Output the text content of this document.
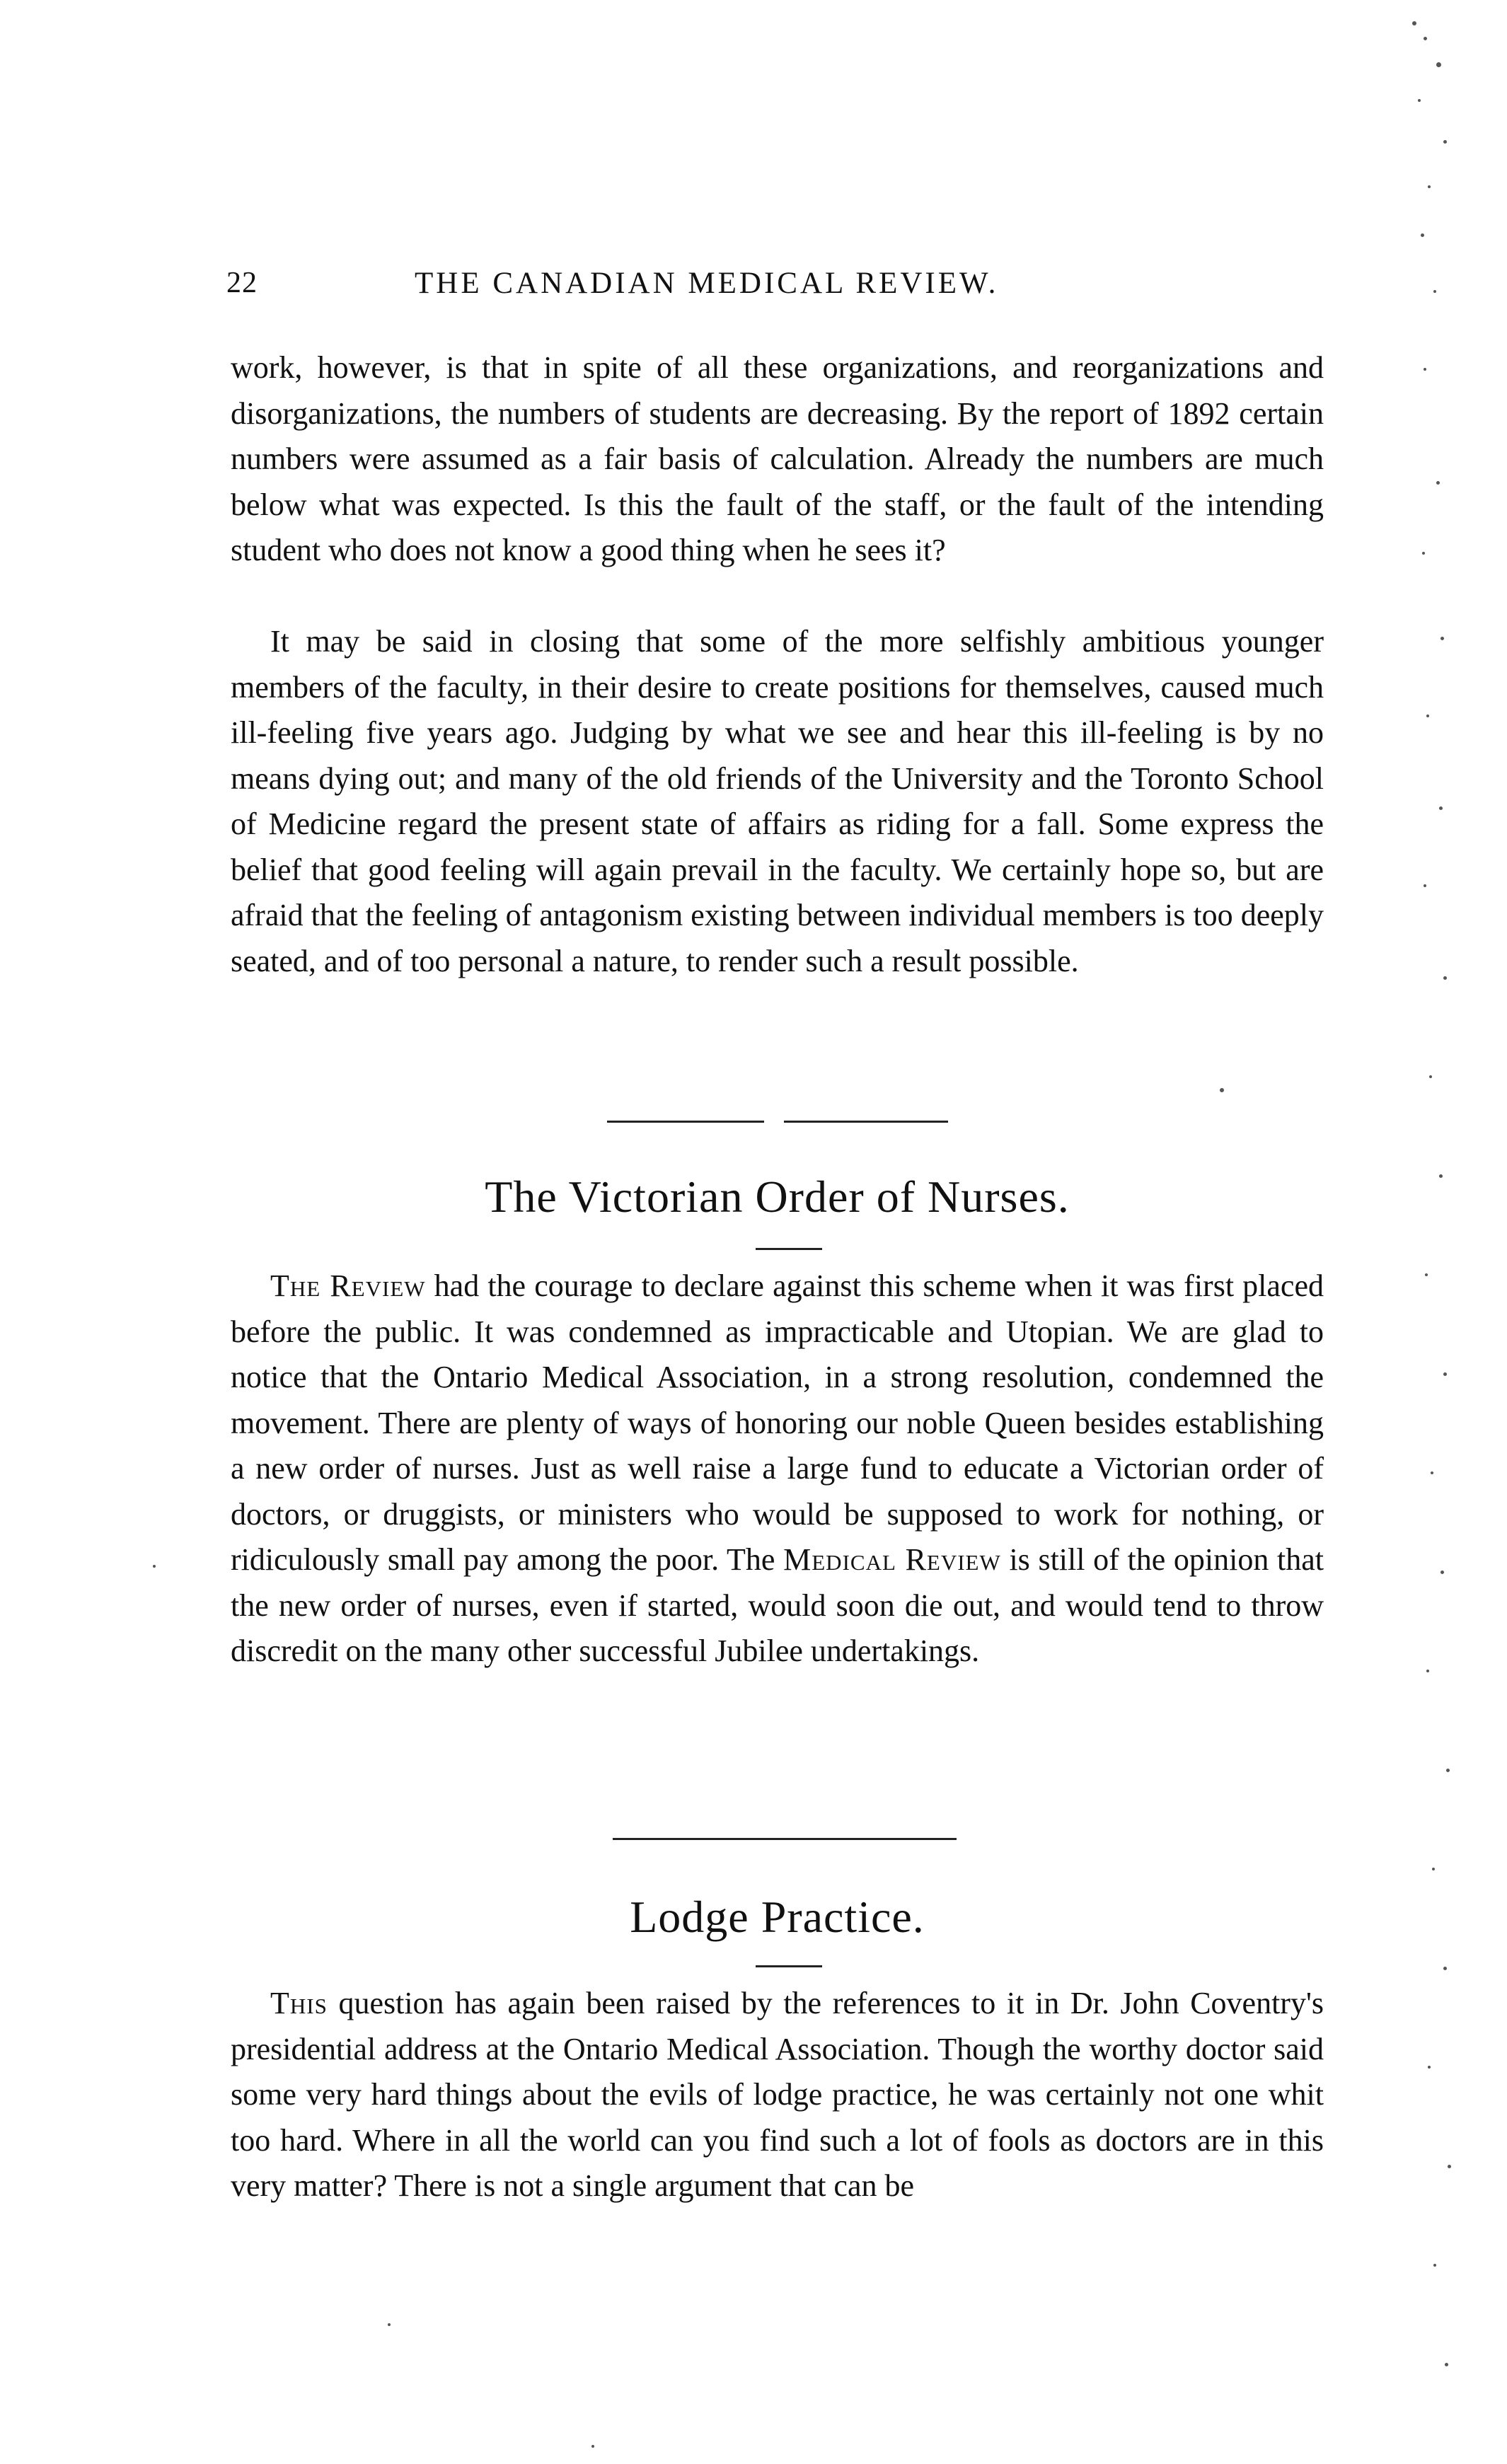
22	THE CANADIAN MEDICAL REVIEW.

work, however, is that in spite of all these organizations, and reorganizations and disorganizations, the numbers of students are decreasing. By the report of 1892 certain numbers were assumed as a fair basis of calculation. Already the numbers are much below what was expected. Is this the fault of the staff, or the fault of the intending student who does not know a good thing when he sees it?

It may be said in closing that some of the more selfishly ambitious younger members of the faculty, in their desire to create positions for themselves, caused much ill-feeling five years ago. Judging by what we see and hear this ill-feeling is by no means dying out; and many of the old friends of the University and the Toronto School of Medicine regard the present state of affairs as riding for a fall. Some express the belief that good feeling will again prevail in the faculty. We certainly hope so, but are afraid that the feeling of antagonism existing between individual members is too deeply seated, and of too personal a nature, to render such a result possible.

The Victorian Order of Nurses.

The Review had the courage to declare against this scheme when it was first placed before the public. It was condemned as impracticable and Utopian. We are glad to notice that the Ontario Medical Association, in a strong resolution, condemned the movement. There are plenty of ways of honoring our noble Queen besides establishing a new order of nurses. Just as well raise a large fund to educate a Victorian order of doctors, or druggists, or ministers who would be supposed to work for nothing, or ridiculously small pay among the poor. The Medical Review is still of the opinion that the new order of nurses, even if started, would soon die out, and would tend to throw discredit on the many other successful Jubilee undertakings.

Lodge Practice.

This question has again been raised by the references to it in Dr. John Coventry's presidential address at the Ontario Medical Association. Though the worthy doctor said some very hard things about the evils of lodge practice, he was certainly not one whit too hard. Where in all the world can you find such a lot of fools as doctors are in this very matter? There is not a single argument that can be
